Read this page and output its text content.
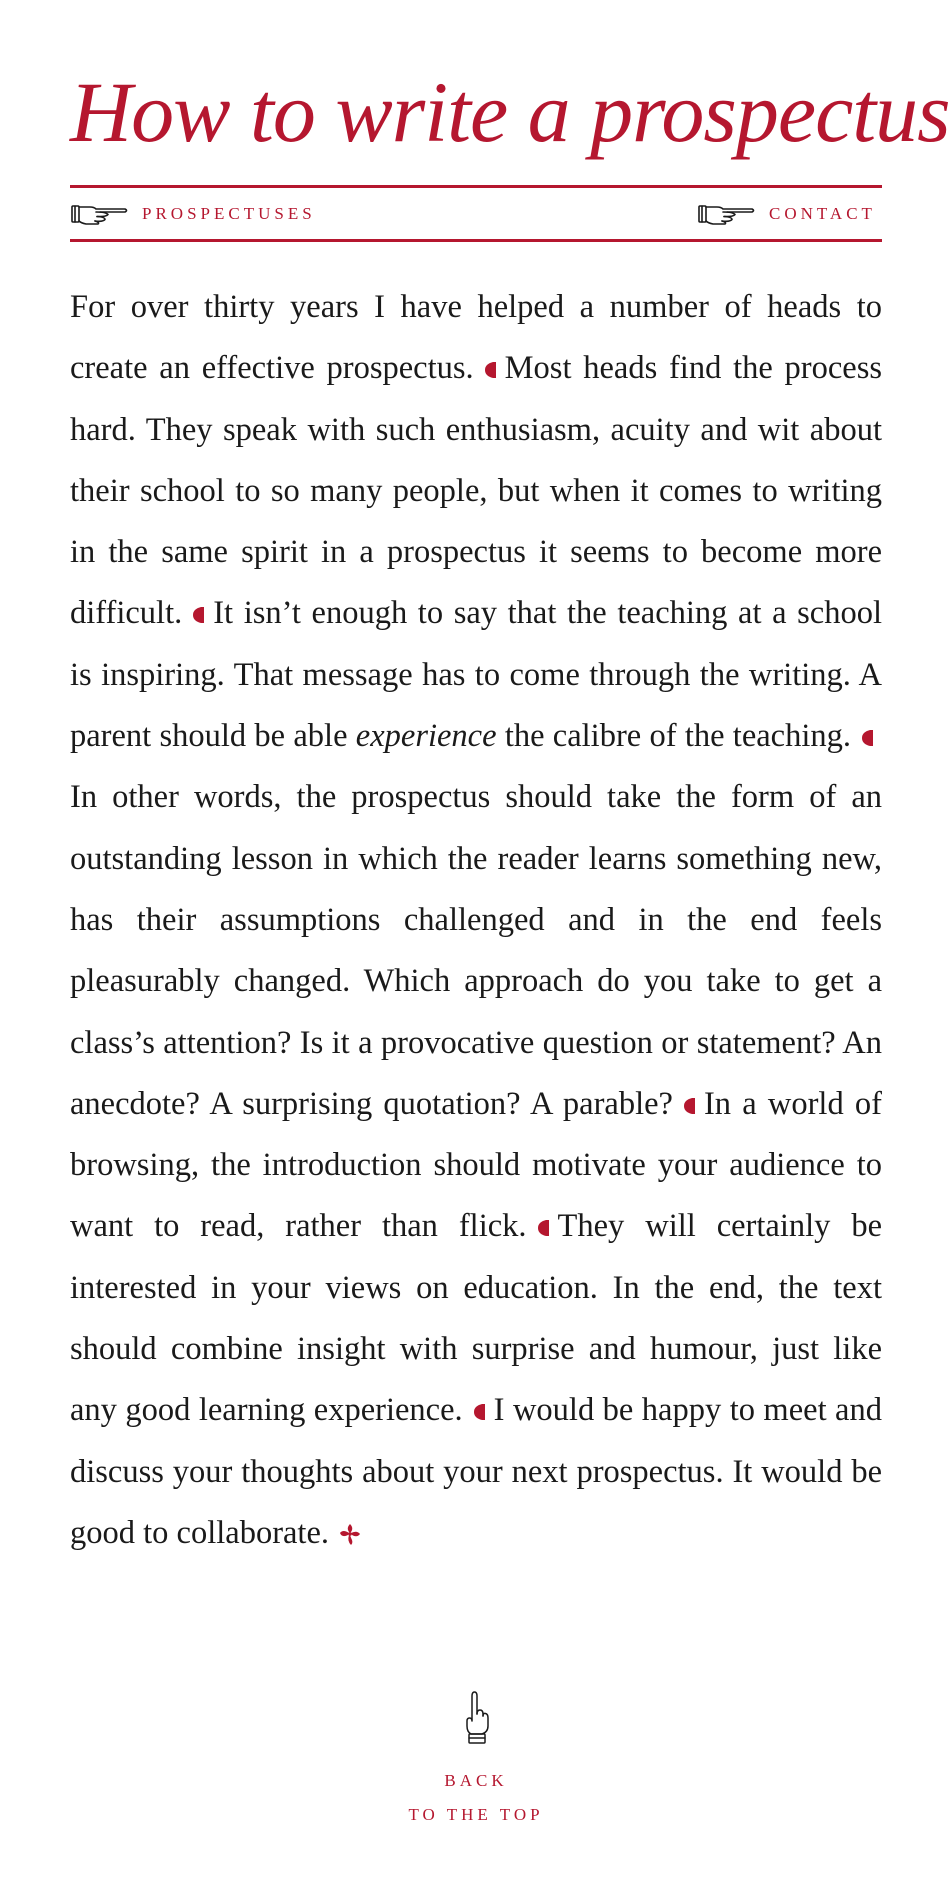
How to write a prospectus
PROSPECTUSES	CONTACT

For over thirty years I have helped a number of heads to create an effective prospectus. Most heads find the process hard. They speak with such enthusiasm, acuity and wit about their school to so many people, but when it comes to writing in the same spirit in a prospectus it seems to become more difficult. It isn’t enough to say that the teaching at a school is inspiring. That message has to come through the writing. A parent should be able experience the calibre of the teaching.In other words, the prospectus should take the form of an outstanding lesson in which the reader learns something new, has their assumptions challenged and in the end feels pleasurably changed. Which approach do you take to get a class’s attention? Is it a provocative question or statement? An anecdote? A surprising quotation? A parable? In a world of browsing, the introduction should motivate your audience to want to read, rather than flick. They will certainly be interested in your views on education. In the end, the text should combine insight with surprise and humour, just like any good learning experience. I would be happy to meet and discuss your thoughts about your next prospectus. It would be good to collaborate.

BACK
TO THE TOP
